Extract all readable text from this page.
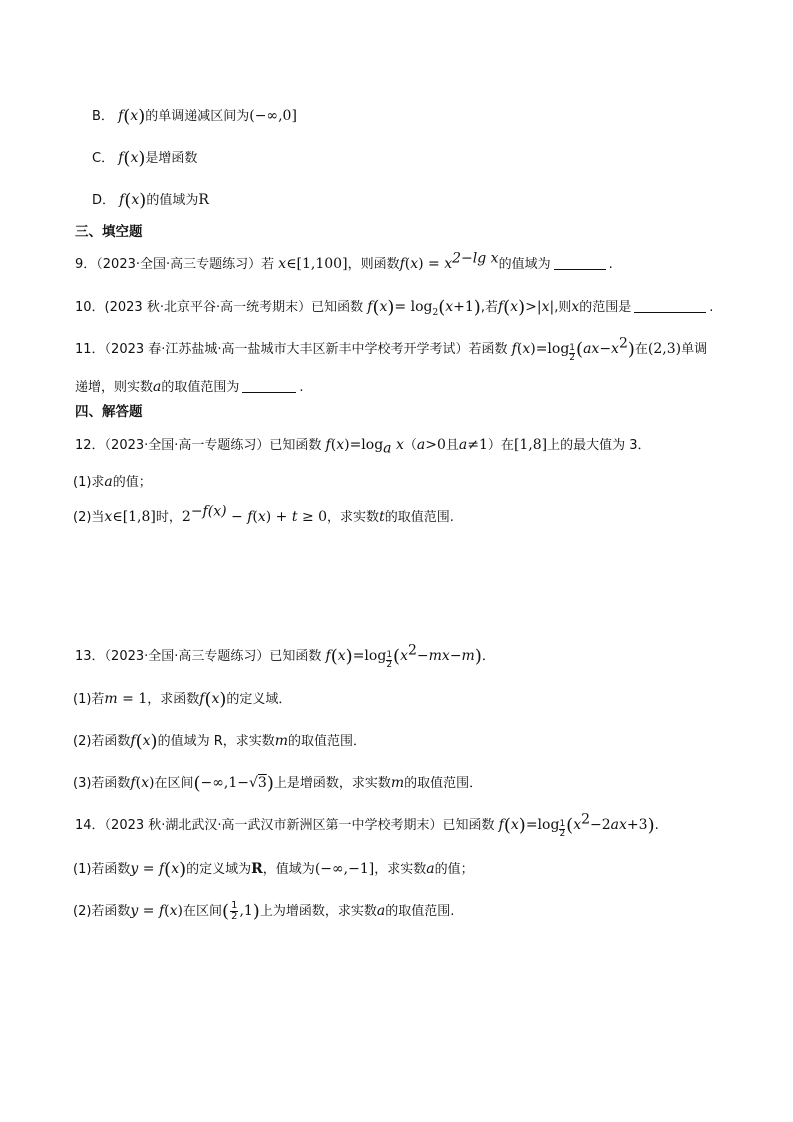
B． f(x)的单调递减区间为(−∞,0]
C． f(x)是增函数
D． f(x)的值域为R
三、填空题
9．（2023·全国·高三专题练习）若 x∈[1,100]，则函数$f(x) = x^{2-lg x}$的值域为	.
10．(2023 秋·北京平谷·高一统考期末）已知函数 $f(x)= \log_2(x+1)$,若f(x)>|x|,则x的范围是	.
11．（2023 春·江苏盐城·高一盐城市大丰区新丰中学校考开学考试）若函数 $f(x)=\log \frac{1}{2}(ax-x^2)$在(2,3)单调
递增，则实数a的取值范围为	.
四、解答题
12．（2023·全国·高一专题练习）已知函数 $f(x)=\log_a$ x（a>0且a≠1）在[1,8]上的最大值为 3．
(1)求a的值；
(2)当x∈[1,8]时，$2^{-f(x)} - f(x) + t \ge 0$，求实数t的取值范围.
13．（2023·全国·高三专题练习）已知函数 $f(x)=\log \frac{1}{2}(x^2-mx-m)$．
(1)若m = 1，求函数f(x)的定义域．
(2)若函数f(x)的值域为 R，求实数m的取值范围．
(3)若函数f(x)在区间(−∞,1−√3)上是增函数，求实数m的取值范围．
14．（2023 秋·湖北武汉·高一武汉市新洲区第一中学校考期末）已知函数 $f(x)=\log \frac{1}{2}(x^2-2ax+3)$.
(1)若函数y = f(x)的定义域为R，值域为(−∞,−1]，求实数a的值；
(2)若函数y = f(x)在区间( $\frac{1}{2} ,1$)上为增函数，求实数a的取值范围.
